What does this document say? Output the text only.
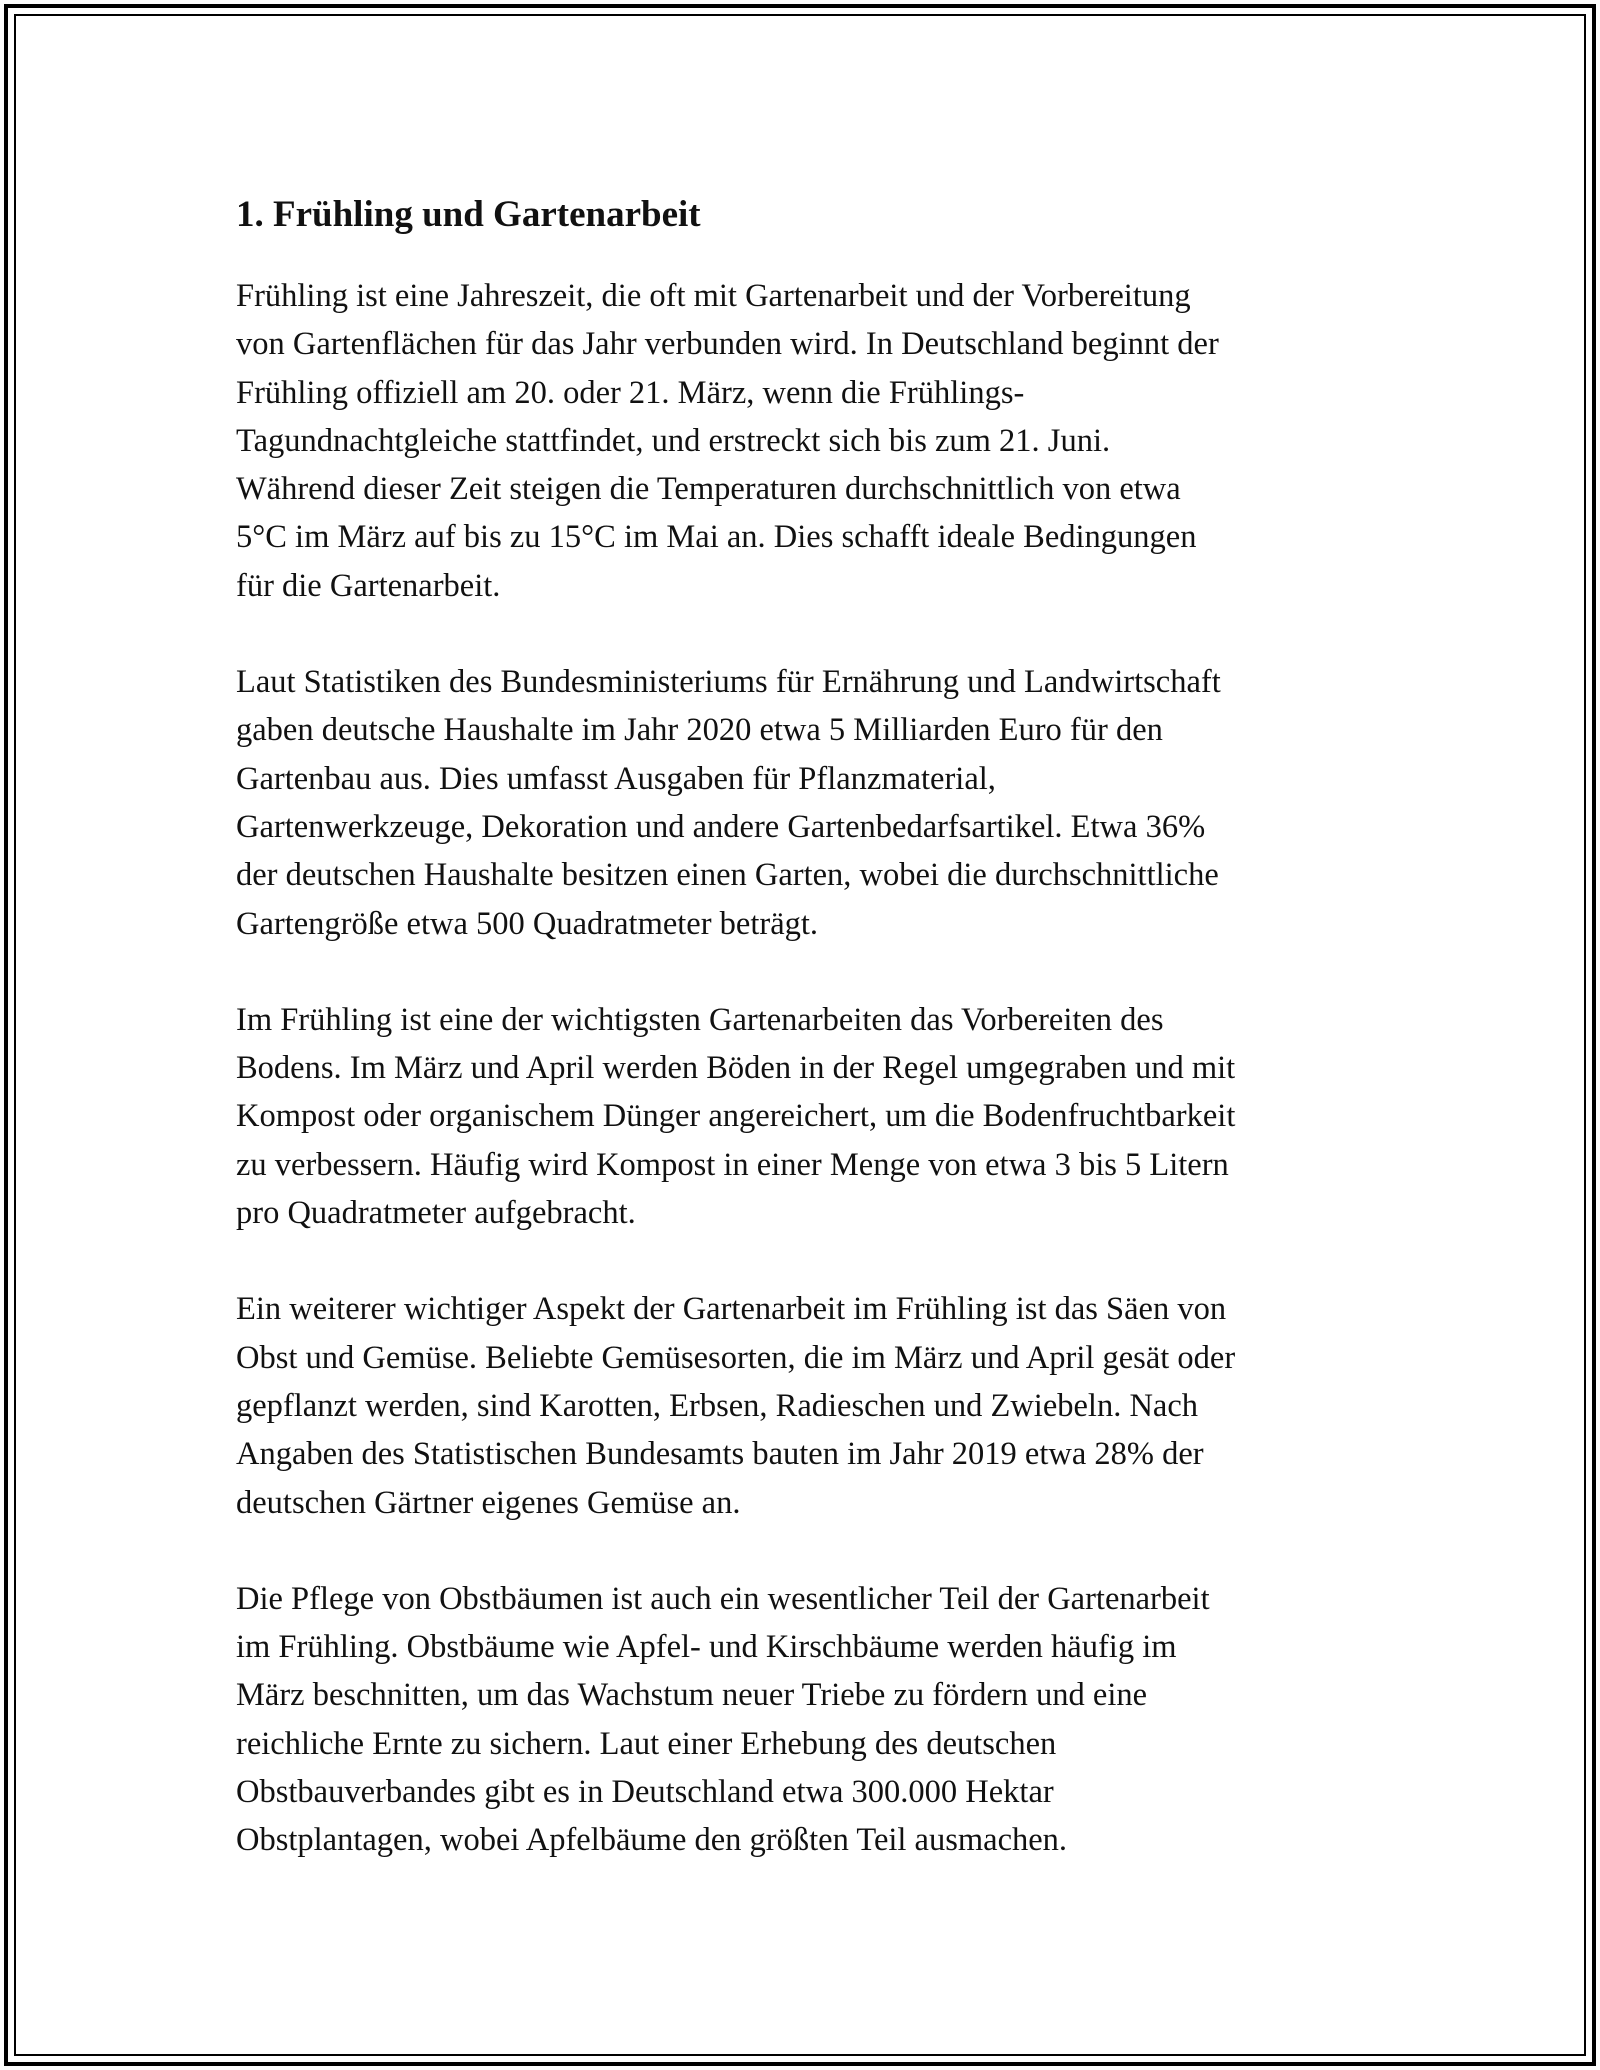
1. Frühling und Gartenarbeit

Frühling ist eine Jahreszeit, die oft mit Gartenarbeit und der Vorbereitung
von Gartenflächen für das Jahr verbunden wird. In Deutschland beginnt der
Frühling offiziell am 20. oder 21. März, wenn die Frühlings-
Tagundnachtgleiche stattfindet, und erstreckt sich bis zum 21. Juni.
Während dieser Zeit steigen die Temperaturen durchschnittlich von etwa
5°C im März auf bis zu 15°C im Mai an. Dies schafft ideale Bedingungen
für die Gartenarbeit.

Laut Statistiken des Bundesministeriums für Ernährung und Landwirtschaft
gaben deutsche Haushalte im Jahr 2020 etwa 5 Milliarden Euro für den
Gartenbau aus. Dies umfasst Ausgaben für Pflanzmaterial,
Gartenwerkzeuge, Dekoration und andere Gartenbedarfsartikel. Etwa 36%
der deutschen Haushalte besitzen einen Garten, wobei die durchschnittliche
Gartengröße etwa 500 Quadratmeter beträgt.

Im Frühling ist eine der wichtigsten Gartenarbeiten das Vorbereiten des
Bodens. Im März und April werden Böden in der Regel umgegraben und mit
Kompost oder organischem Dünger angereichert, um die Bodenfruchtbarkeit
zu verbessern. Häufig wird Kompost in einer Menge von etwa 3 bis 5 Litern
pro Quadratmeter aufgebracht.

Ein weiterer wichtiger Aspekt der Gartenarbeit im Frühling ist das Säen von
Obst und Gemüse. Beliebte Gemüsesorten, die im März und April gesät oder
gepflanzt werden, sind Karotten, Erbsen, Radieschen und Zwiebeln. Nach
Angaben des Statistischen Bundesamts bauten im Jahr 2019 etwa 28% der
deutschen Gärtner eigenes Gemüse an.

Die Pflege von Obstbäumen ist auch ein wesentlicher Teil der Gartenarbeit
im Frühling. Obstbäume wie Apfel- und Kirschbäume werden häufig im
März beschnitten, um das Wachstum neuer Triebe zu fördern und eine
reichliche Ernte zu sichern. Laut einer Erhebung des deutschen
Obstbauverbandes gibt es in Deutschland etwa 300.000 Hektar
Obstplantagen, wobei Apfelbäume den größten Teil ausmachen.
